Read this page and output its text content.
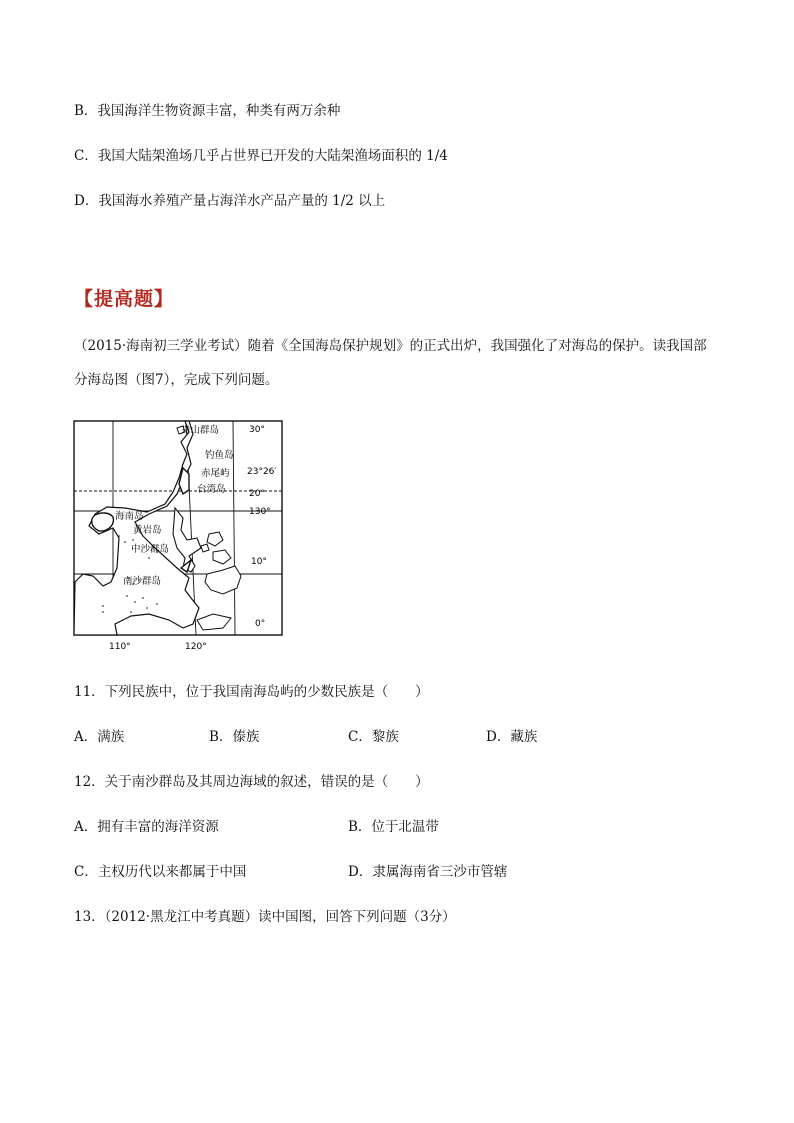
B．我国海洋生物资源丰富，种类有两万余种
C．我国大陆架渔场几乎占世界已开发的大陆架渔场面积的 1/4
D．我国海水养殖产量占海洋水产品产量的 1/2 以上
【提高题】
（2015·海南初三学业考试）随着《全国海岛保护规划》的正式出炉，我国强化了对海岛的保护。读我国部
分海岛图（图7），完成下列问题。
舟山群岛
钓鱼岛
赤尾屿
台湾岛
海南岛
黄岩岛
中沙群岛
南沙群岛
30°
23°26′
20°
130°
10°
0°
110°	120°
11．下列民族中，位于我国南海岛屿的少数民族是（　　）
A．满族	B．傣族	C．黎族	D．藏族
12．关于南沙群岛及其周边海域的叙述，错误的是（　　）
A．拥有丰富的海洋资源	B．位于北温带
C．主权历代以来都属于中国	D．隶属海南省三沙市管辖
13．（2012·黑龙江中考真题）读中国图，回答下列问题（3分）
